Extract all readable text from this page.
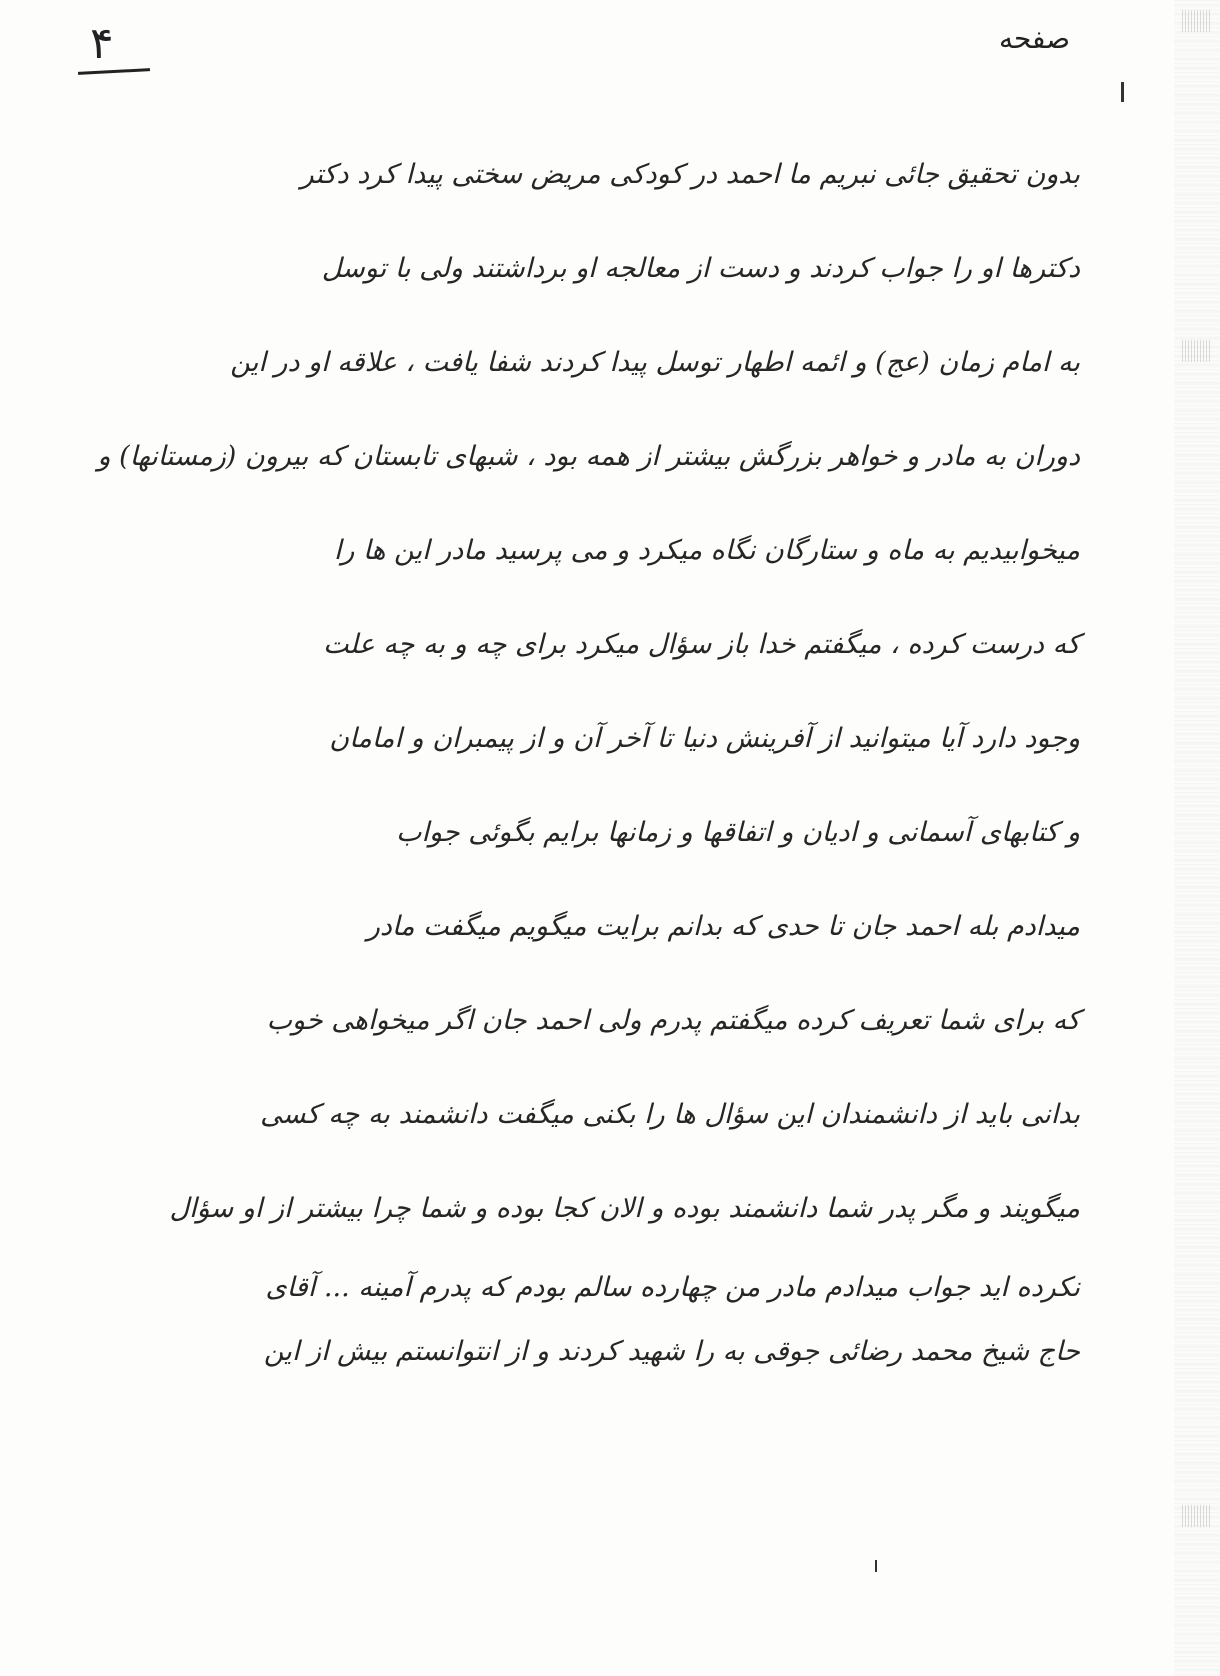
۴	صفحه
بدون تحقیق جائی نبریم ما احمد در کودکی مریض سختی پیدا کرد دکتر
دکترها او را جواب کردند و دست از معالجه او برداشتند ولی با توسل
به امام زمان (عج) و ائمه اطهار توسل پیدا کردند شفا یافت ، علاقه او در این
دوران به مادر و خواهر بزرگش بیشتر از همه بود ، شبهای تابستان که بیرون (زمستانها) و
میخوابیدیم به ماه و ستارگان نگاه میکرد و می پرسید مادر این ها را
که درست کرده ، میگفتم خدا باز سؤال میکرد برای چه و به چه علت
وجود دارد آیا میتوانید از آفرینش دنیا تا آخر آن و از پیمبران و امامان
و کتابهای آسمانی و ادیان و اتفاقها و زمانها برایم بگوئی جواب
میدادم بله احمد جان تا حدی که بدانم برایت میگویم میگفت مادر
که برای شما تعریف کرده میگفتم پدرم ولی احمد جان اگر میخواهی خوب
بدانی باید از دانشمندان این سؤال ها را بکنی میگفت دانشمند به چه کسی
میگویند و مگر پدر شما دانشمند بوده و الان کجا بوده و شما چرا بیشتر از او سؤال
نکرده اید جواب میدادم مادر من چهارده سالم بودم که پدرم آمینه ... آقای
حاج شیخ محمد رضائی جوقی به را شهید کردند و از انتوانستم بیش از این
